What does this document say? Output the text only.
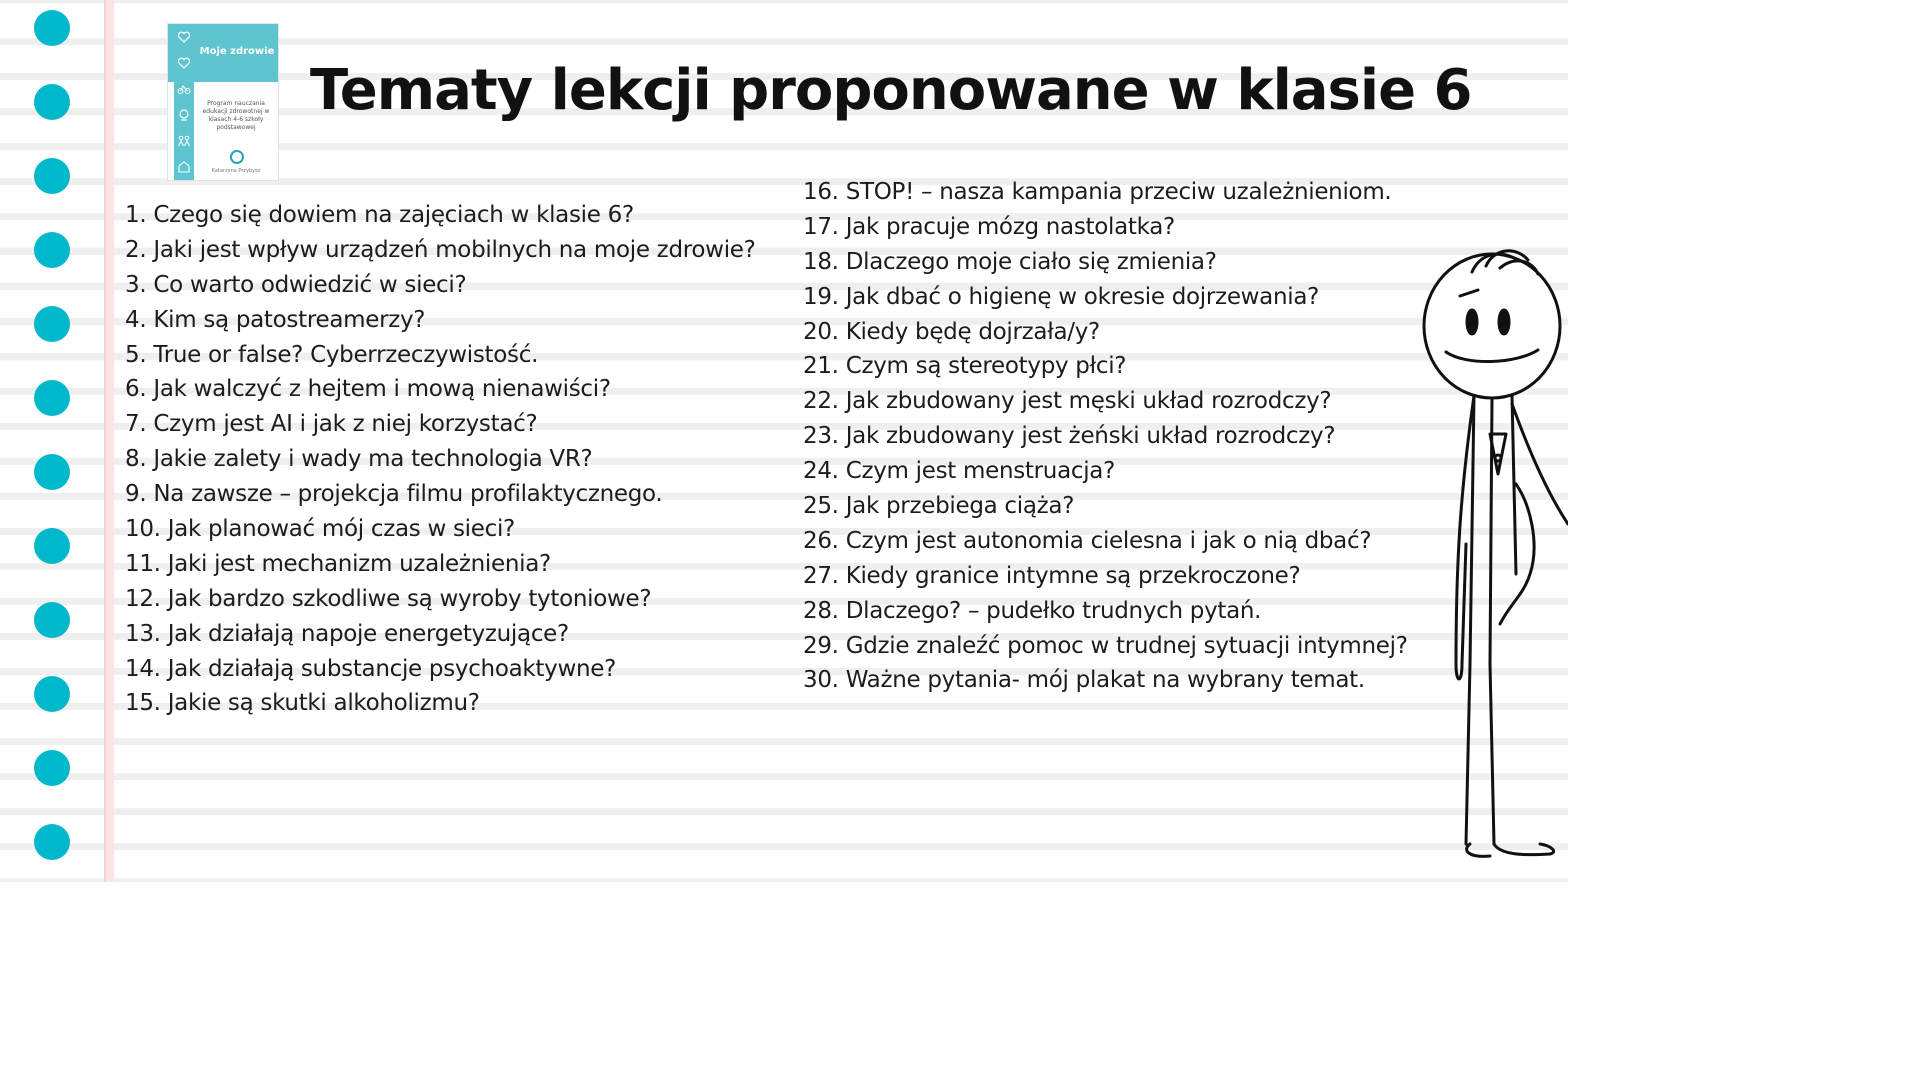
Moje zdrowie
Program nauczania edukacji zdrowotnej w klasach 4-6 szkoły podstawowej
Katarzyna Przybysz
Tematy lekcji proponowane w klasie 6
1. Czego się dowiem na zajęciach w klasie 6?
2. Jaki jest wpływ urządzeń mobilnych na moje zdrowie?
3. Co warto odwiedzić w sieci?
4. Kim są patostreamerzy?
5. True or false? Cyberrzeczywistość.
6. Jak walczyć z hejtem i mową nienawiści?
7. Czym jest AI i jak z niej korzystać?
8. Jakie zalety i wady ma technologia VR?
9. Na zawsze – projekcja filmu profilaktycznego.
10. Jak planować mój czas w sieci?
11. Jaki jest mechanizm uzależnienia?
12. Jak bardzo szkodliwe są wyroby tytoniowe?
13. Jak działają napoje energetyzujące?
14. Jak działają substancje psychoaktywne?
15. Jakie są skutki alkoholizmu?
16. STOP! – nasza kampania przeciw uzależnieniom.
17. Jak pracuje mózg nastolatka?
18. Dlaczego moje ciało się zmienia?
19. Jak dbać o higienę w okresie dojrzewania?
20. Kiedy będę dojrzała/y?
21. Czym są stereotypy płci?
22. Jak zbudowany jest męski układ rozrodczy?
23. Jak zbudowany jest żeński układ rozrodczy?
24. Czym jest menstruacja?
25. Jak przebiega ciąża?
26. Czym jest autonomia cielesna i jak o nią dbać?
27. Kiedy granice intymne są przekroczone?
28. Dlaczego? – pudełko trudnych pytań.
29. Gdzie znaleźć pomoc w trudnej sytuacji intymnej?
30. Ważne pytania- mój plakat na wybrany temat.
